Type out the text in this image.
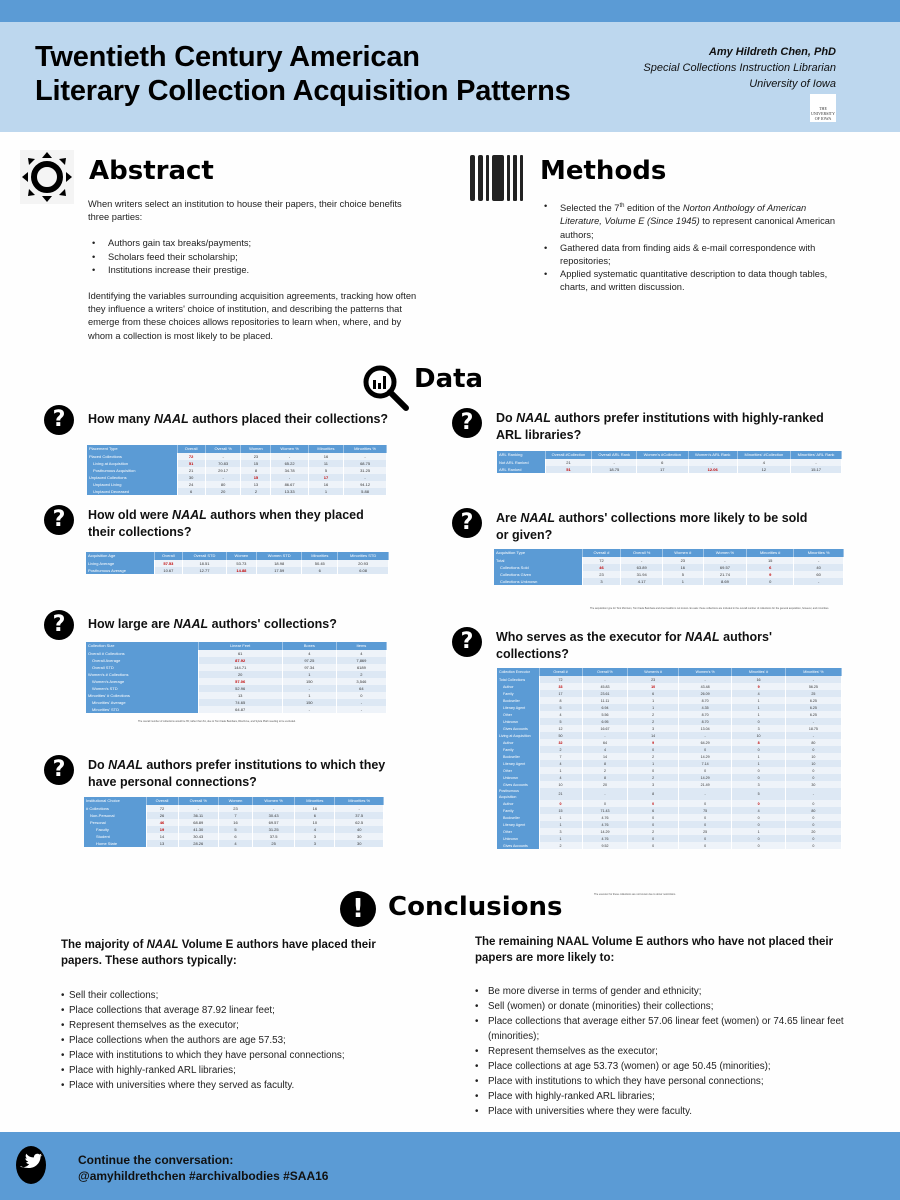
Twentieth Century American
Literary Collection Acquisition Patterns
Amy Hildreth Chen, PhD
Special Collections Instruction Librarian
University of Iowa
THE UNIVERSITY OF IOWA
Abstract

When writers select an institution to house their papers, their choice benefits three parties:

• Authors gain tax breaks/payments;
• Scholars feed their scholarship;
• Institutions increase their prestige.

Identifying the variables surrounding acquisition agreements, tracking how often they influence a writers' choice of institution, and describing the patterns that emerge from these choices allows repositories to learn when, where, and by whom a collection is most likely to be placed.

Methods
• Selected the 7th edition of the Norton Anthology of American Literature, Volume E (Since 1945) to represent canonical American authors;
• Gathered data from finding aids & e-mail correspondence with repositories;
• Applied systematic quantitative description to data though tables, charts, and written discussion.
Data
?	How many NAAL authors placed their collections?
Placement Type	Overall	Overall %	Women	Women %	Minorities	Minorities %
Placed Collections	72	-	23	-	16	-
Living at Acquisition	51	70.83	15	65.22	11	68.75
Posthumous Acquisition	21	29.17	8	34.78	5	31.25
Unplaced Collections	30	-	15	-	17	-
Unplaced Living	24	80	13	86.67	16	94.12
Unplaced Deceased	6	20	2	13.33	1	5.88
?	Do NAAL authors prefer institutions with highly-ranked ARL libraries?
ARL Ranking	Overall #Collection	Overall ARL Rank	Women's #Collection	Women's ARL Rank	Minorities' #Collection	Minorities' ARL Rank
Not ARL Ranked	21	-	6	-	4	-
ARL Ranked	51	18.75	17	12.06	12	15.17
?	How old were NAAL authors when they placed their collections?
Acquisition Age	Overall	Overall STD	Women	Women STD	Minorities	Minorities STD
Living Average	57.53	18.51	53.73	18.98	50.45	20.93
Posthumous Average	10.67	12.77	14.88	17.59	6	6.08
?	Are NAAL authors' collections more likely to be sold or given?
Acquisition Type	Overall #	Overall %	Women #	Women %	Minorities #	Minorities %
Total	72	-	23	-	15	-
Collections Sold	46	63.89	16	69.57	6	40
Collections Given	23	31.94	5	21.74	9	60
Collections Unknown	3	4.17	1	8.69	0	-
The acquisition type for Toni Morrison, Toni Cade Bambara and Ana Castillo is not known. Ex-sale: these collections are included in the overall number of collections for the general acquisition, however, and minorities.
?	How large are NAAL authors' collections?
Collection Size	Linear Feet	Boxes	Items
Overall # Collections	61	4	4
Overall Average	87.92	97.25	7,869
Overall STD	144.71	97.34	6189
Women's # Collections	20	1	2
Women's Average	57.06	150	3,546
Women's STD	52.96	-	64
Minorities' # Collections	13	1	0
Minorities' Average	74.65	150	-
Minorities' STD	64.87	-	-
The overall number of collections would be 65; rather than 61, due to Toni Cade Bambara, Rita Dove, and Sylvia Plath needing to be excluded.
?	Who serves as the executor for NAAL authors' collections?
Collection Executor	Overall #	Overall %	Women's #	Women's %	Minorities' #	Minorities' %
Total Collections	72	-	23	-	16	-
Author	33	45.83	10	43.48	9	56.25
Family	17	23.61	6	26.09	4	25
Bookseller	8	11.11	1	8.70	1	6.25
Literary Agent	5	6.94	1	4.35	1	6.25
Other	4	5.56	2	8.70	1	6.25
Unknown	5	6.95	2	8.70	0	-
Gives Accounts	12	16.67	3	13.04	3	18.75
Living at Acquisition	50	-	14	-	10	-
Author	32	64	9	64.29	8	80
Family	2	4	0	0	0	0
Bookseller	7	14	2	14.29	1	10
Literary Agent	4	8	1	7.14	1	10
Other	1	2	0	0	0	0
Unknown	4	8	2	14.29	0	0
Gives Accounts	10	20	3	21.49	3	30
Posthumous Acquisition	21	-	8	-	5	-
Author	0	0	0	0	0	0
Family	15	71.43	6	75	4	80
Bookseller	1	4.76	0	0	0	0
Literary Agent	1	4.76	0	0	0	0
Other	3	14.29	2	25	1	20
Unknown	1	4.76	0	0	0	0
Gives Accounts	2	9.52	0	0	0	0
The executor for these collections are not known due to donor restrictions.
?	Do NAAL authors prefer institutions to which they have personal connections?
Institutional Choice	Overall	Overall %	Women	Women %	Minorities	Minorities %
# Collections	72	-	23	-	16	-
Non-Personal	26	36.11	7	30.43	6	37.5
Personal	46	68.89	16	69.57	10	62.5
Faculty	19	41.30	5	31.25	4	40
Student	14	30.43	6	37.5	3	30
Home State	13	28.26	4	25	3	30
! Conclusions
The majority of NAAL Volume E authors have placed their papers. These authors typically:
• Sell their collections;
• Place collections that average 87.92 linear feet;
• Represent themselves as the executor;
• Place collections when the authors are age 57.53;
• Place with institutions to which they have personal connections;
• Place with highly-ranked ARL libraries;
• Place with universities where they served as faculty.
The remaining NAAL Volume E authors who have not placed their papers are more likely to:
• Be more diverse in terms of gender and ethnicity;
• Sell (women) or donate (minorities) their collections;
• Place collections that average either 57.06 linear feet (women) or 74.65 linear feet (minorities);
• Represent themselves as the executor;
• Place collections at age 53.73 (women) or age 50.45 (minorities);
• Place with institutions to which they have personal connections;
• Place with highly-ranked ARL libraries;
• Place with universities where they were faculty.
Continue the conversation:
@amyhildrethchen #archivalbodies #SAA16
